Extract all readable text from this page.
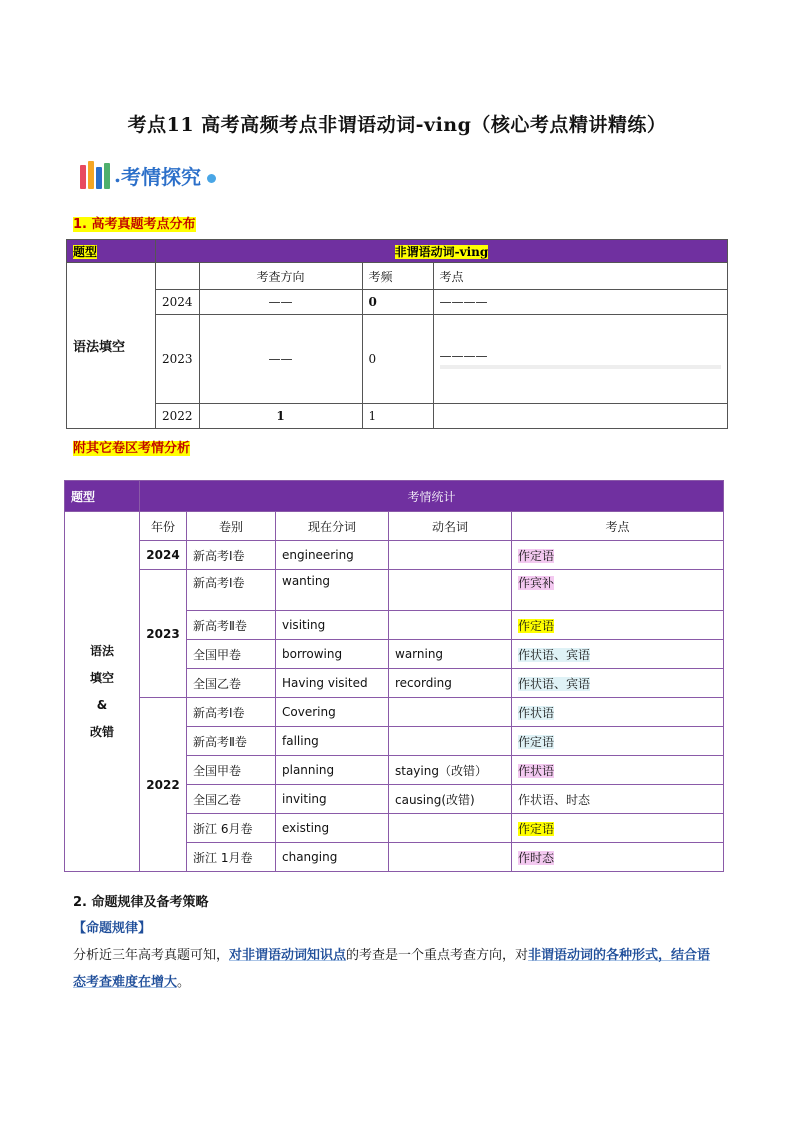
考点11 高考高频考点非谓语动词-ving（核心考点精讲精练）
. 考情探究
1. 高考真题考点分布
题型	非谓语动词-ving			
语法填空		考查方向	考频	考点
	2024	——	0	————
	2023	——	0	————

	2022	1	1	
附其它卷区考情分析
题型	考情统计				

语法
填空
&
改错	年份	卷别	现在分词	动名词	考点
	2024	新高考Ⅰ卷	engineering		作定语
	2023	新高考Ⅰ卷	wanting		作宾补
		新高考Ⅱ卷	visiting		作定语
		全国甲卷	borrowing	warning	作状语、宾语
		全国乙卷	Having visited	recording	作状语、宾语
	2022	新高考Ⅰ卷	Covering		作状语
		新高考Ⅱ卷	falling		作定语
		全国甲卷	planning	staying（改错）	作状语
		全国乙卷	inviting	causing(改错)	作状语、时态
		浙江 6月卷	existing		作定语
		浙江 1月卷	changing		作时态
2. 命题规律及备考策略
【命题规律】
分析近三年高考真题可知，对非谓语动词知识点的考查是一个重点考查方向，对非谓语动词的各种形式，结合语态考查难度在增大。
